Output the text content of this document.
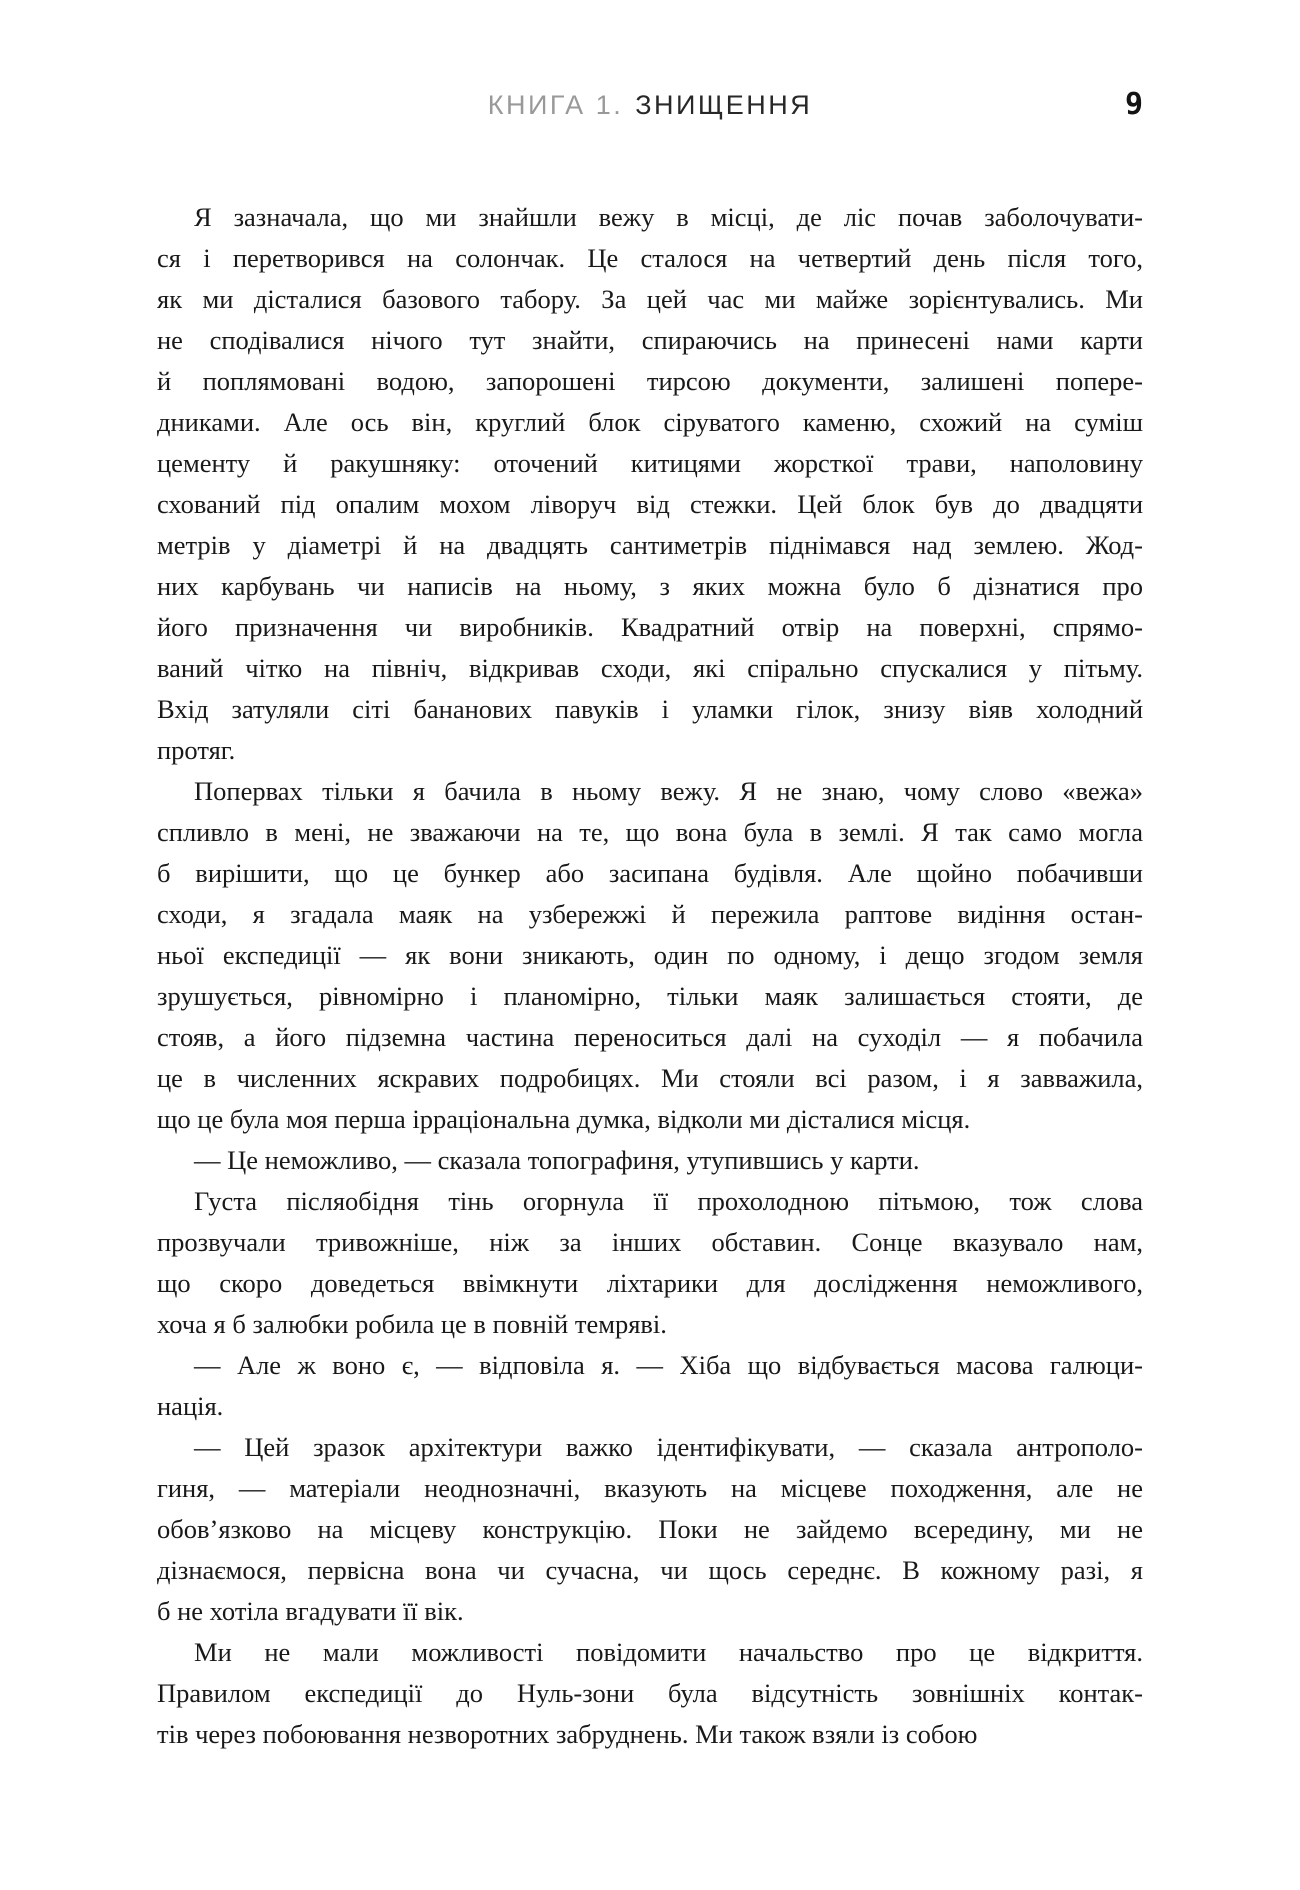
КНИГА 1. ЗНИЩЕННЯ	9
Я зазначала, що ми знайшли вежу в місці, де ліс почав заболочувати-
ся і перетворився на солончак. Це сталося на четвертий день після того,
як ми дісталися базового табору. За цей час ми майже зорієнтувались. Ми
не сподівалися нічого тут знайти, спираючись на принесені нами карти
й поплямовані водою, запорошені тирсою документи, залишені попере-
дниками. Але ось він, круглий блок сіруватого каменю, схожий на суміш
цементу й ракушняку: оточений китицями жорсткої трави, наполовину
схований під опалим мохом ліворуч від стежки. Цей блок був до двадцяти
метрів у діаметрі й на двадцять сантиметрів піднімався над землею. Жод-
них карбувань чи написів на ньому, з яких можна було б дізнатися про
його призначення чи виробників. Квадратний отвір на поверхні, спрямо-
ваний чітко на північ, відкривав сходи, які спірально спускалися у пітьму.
Вхід затуляли сіті бананових павуків і уламки гілок, знизу віяв холодний
протяг.
Попервах тільки я бачила в ньому вежу. Я не знаю, чому слово «вежа»
спливло в мені, не зважаючи на те, що вона була в землі. Я так само могла
б вирішити, що це бункер або засипана будівля. Але щойно побачивши
сходи, я згадала маяк на узбережжі й пережила раптове видіння остан-
ньої експедиції — як вони зникають, один по одному, і дещо згодом земля
зрушується, рівномірно і планомірно, тільки маяк залишається стояти, де
стояв, а його підземна частина переноситься далі на суходіл — я побачила
це в численних яскравих подробицях. Ми стояли всі разом, і я завважила,
що це була моя перша ірраціональна думка, відколи ми дісталися місця.
— Це неможливо, — сказала топографиня, утупившись у карти.
Густа післяобідня тінь огорнула її прохолодною пітьмою, тож слова
прозвучали тривожніше, ніж за інших обставин. Сонце вказувало нам,
що скоро доведеться ввімкнути ліхтарики для дослідження неможливого,
хоча я б залюбки робила це в повній темряві.
— Але ж воно є, — відповіла я. — Хіба що відбувається масова галюци-
нація.
— Цей зразок архітектури важко ідентифікувати, — сказала антрополо-
гиня, — матеріали неоднозначні, вказують на місцеве походження, але не
обов’язково на місцеву конструкцію. Поки не зайдемо всередину, ми не
дізнаємося, первісна вона чи сучасна, чи щось середнє. В кожному разі, я
б не хотіла вгадувати її вік.
Ми не мали можливості повідомити начальство про це відкриття.
Правилом експедиції до Нуль-зони була відсутність зовнішніх контак-
тів через побоювання незворотних забруднень. Ми також взяли із собою
